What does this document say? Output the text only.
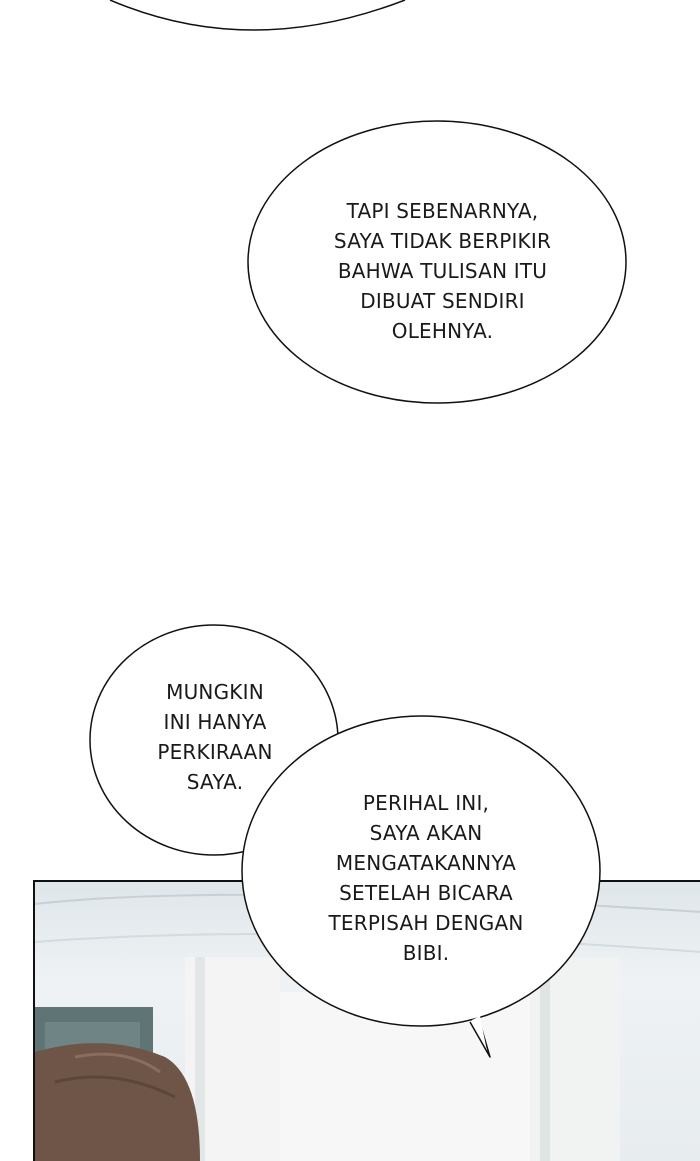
TAPI SEBENARNYA,
SAYA TIDAK BERPIKIR
BAHWA TULISAN ITU
DIBUAT SENDIRI
OLEHNYA.
MUNGKIN
INI HANYA
PERKIRAAN
SAYA.
PERIHAL INI,
SAYA AKAN
MENGATAKANNYA
SETELAH BICARA
TERPISAH DENGAN
BIBI.
